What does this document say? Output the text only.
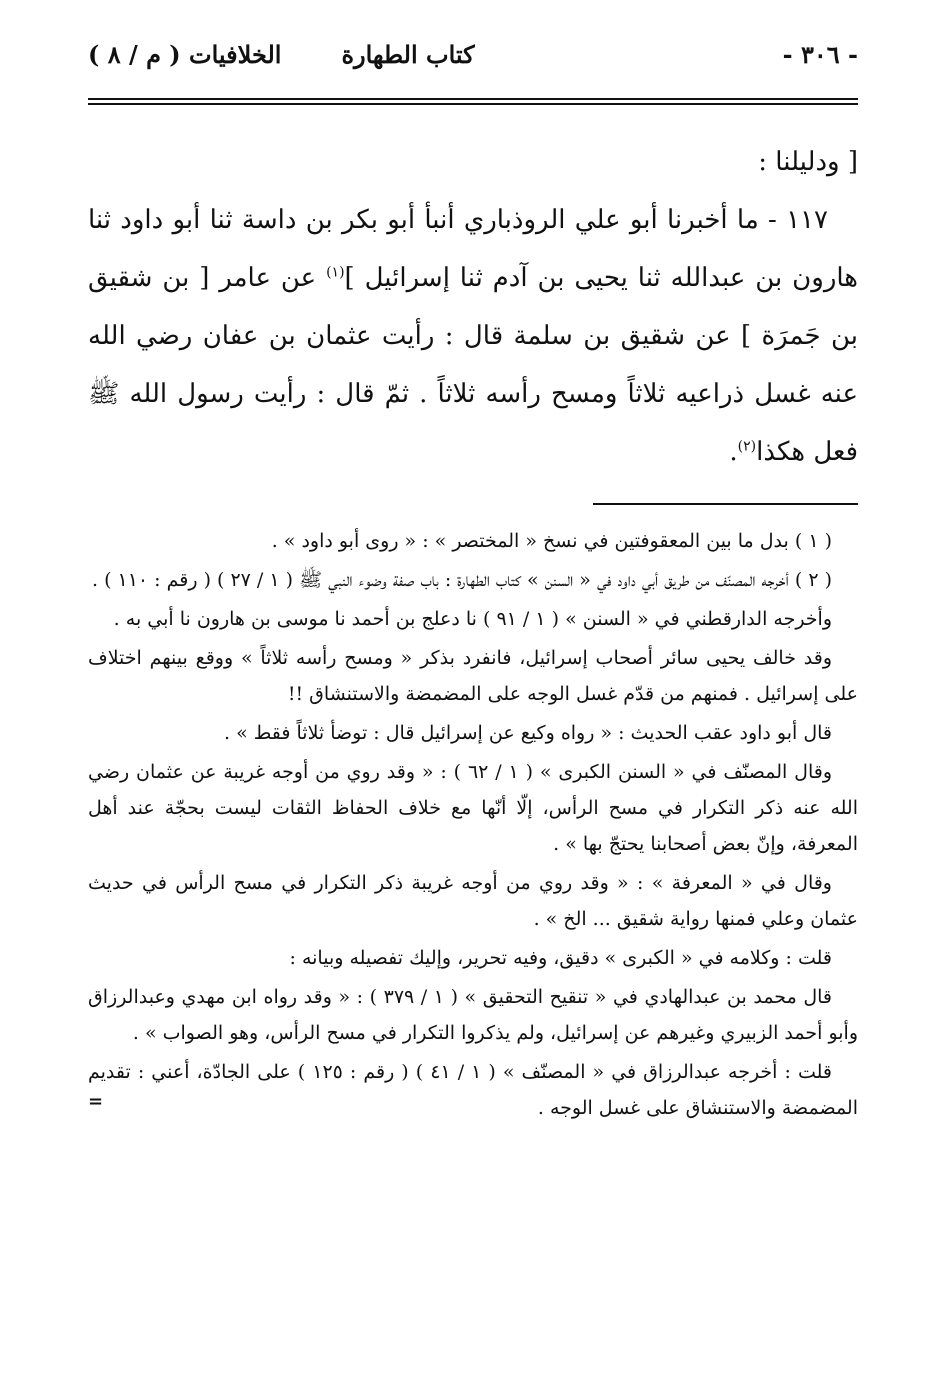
- ٣٠٦ -
كتاب الطهارة
الخلافيات ( م / ٨ )

[ ودليلنا :

١١٧ - ما أخبرنا أبو علي الروذباري أنبأ أبو بكر بن داسة ثنا أبو داود ثنا هارون بن عبدالله ثنا يحيى بن آدم ثنا إسرائيل ]$^{(١)}$ عن عامر [ بن شقيق بن جَمرَة ] عن شقيق بن سلمة قال : رأيت عثمان بن عفان رضي الله عنه غسل ذراعيه ثلاثاً ومسح رأسه ثلاثاً . ثمّ قال : رأيت رسول الله ﷺ فعل هكذا$^{(٢)}$.

( ١ ) بدل ما بين المعقوفتين في نسخ « المختصر » : « روى أبو داود » .

( ٢ ) أخرجه المصنّف من طريق أبي داود في « السنن » كتاب الطهارة : باب صفة وضوء النبي ﷺ ( ١ / ٢٧ ) ( رقم : ١١٠ ) .

وأخرجه الدارقطني في « السنن » ( ١ / ٩١ ) نا دعلج بن أحمد نا موسى بن هارون نا أبي به .

وقد خالف يحيى سائر أصحاب إسرائيل، فانفرد بذكر « ومسح رأسه ثلاثاً » ووقع بينهم اختلاف على إسرائيل . فمنهم من قدّم غسل الوجه على المضمضة والاستنشاق !!

قال أبو داود عقب الحديث : « رواه وكيع عن إسرائيل قال : توضأ ثلاثاً فقط » .

وقال المصنّف في « السنن الكبرى » ( ١ / ٦٢ ) : « وقد روي من أوجه غريبة عن عثمان رضي الله عنه ذكر التكرار في مسح الرأس، إلّا أنّها مع خلاف الحفاظ الثقات ليست بحجّة عند أهل المعرفة، وإنّ بعض أصحابنا يحتجّ بها » .

وقال في « المعرفة » : « وقد روي من أوجه غريبة ذكر التكرار في مسح الرأس في حديث عثمان وعلي فمنها رواية شقيق ... الخ » .

قلت : وكلامه في « الكبرى » دقيق، وفيه تحرير، وإليك تفصيله وبيانه :

قال محمد بن عبدالهادي في « تنقيح التحقيق » ( ١ / ٣٧٩ ) : « وقد رواه ابن مهدي وعبدالرزاق وأبو أحمد الزبيري وغيرهم عن إسرائيل، ولم يذكروا التكرار في مسح الرأس، وهو الصواب » .

قلت : أخرجه عبدالرزاق في « المصنّف » ( ١ / ٤١ ) ( رقم : ١٢٥ ) على الجادّة، أعني : تقديم المضمضة والاستنشاق على غسل الوجه .

=
